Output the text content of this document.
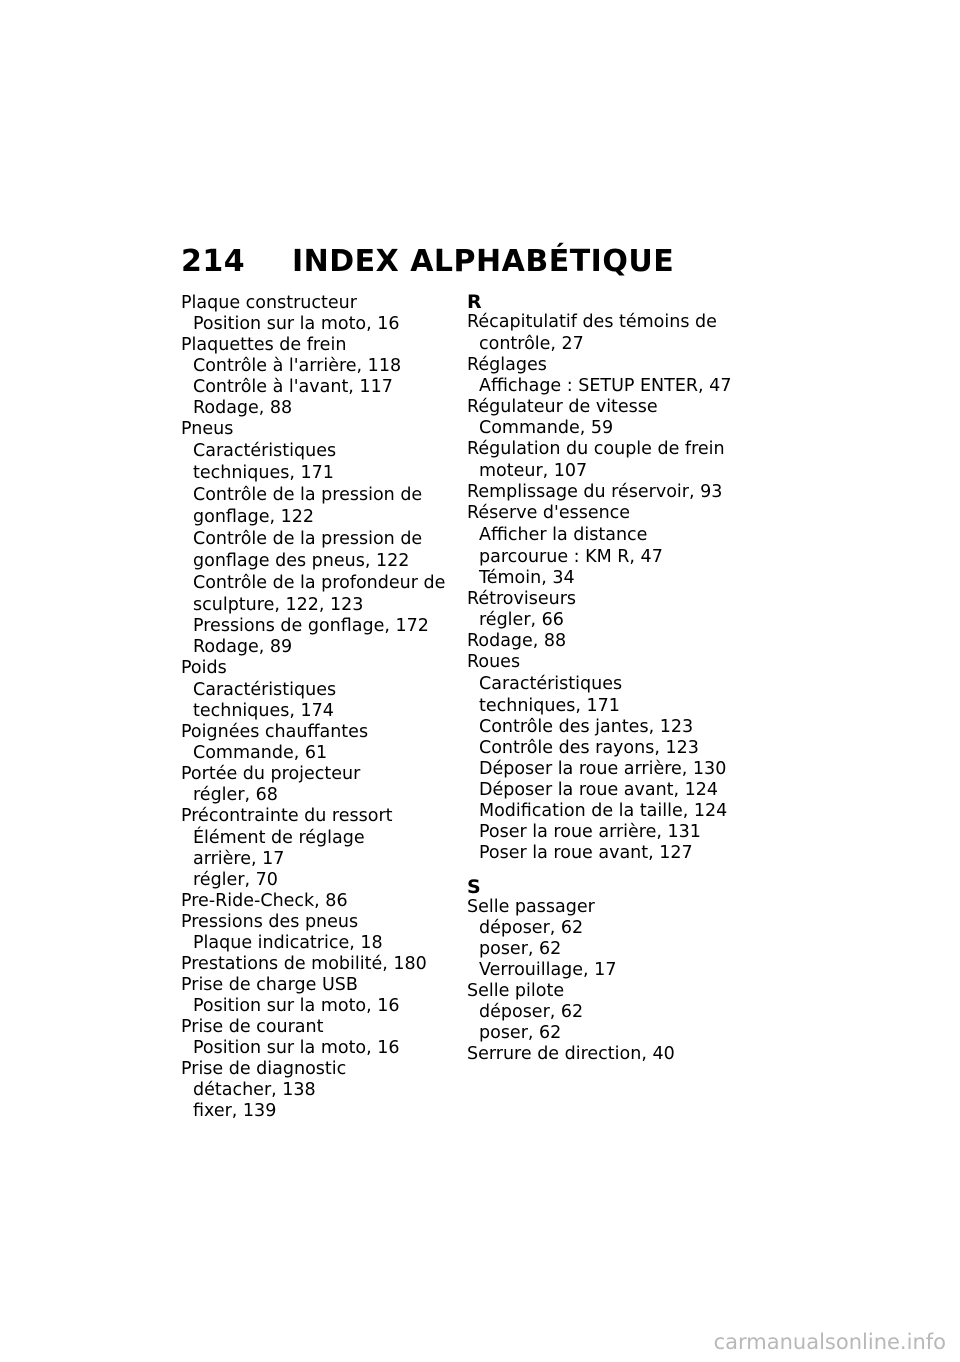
214 INDEX ALPHABÉTIQUE
Plaque constructeur
Position sur la moto, 16
Plaquettes de frein
Contrôle à l'arrière, 118
Contrôle à l'avant, 117
Rodage, 88
Pneus
Caractéristiques
techniques, 171
Contrôle de la pression de
gonflage, 122
Contrôle de la pression de
gonflage des pneus, 122
Contrôle de la profondeur de
sculpture, 122, 123
Pressions de gonflage, 172
Rodage, 89
Poids
Caractéristiques
techniques, 174
Poignées chauffantes
Commande, 61
Portée du projecteur
régler, 68
Précontrainte du ressort
Élément de réglage
arrière, 17
régler, 70
Pre-Ride-Check, 86
Pressions des pneus
Plaque indicatrice, 18
Prestations de mobilité, 180
Prise de charge USB
Position sur la moto, 16
Prise de courant
Position sur la moto, 16
Prise de diagnostic
détacher, 138
fixer, 139
R
Récapitulatif des témoins de
contrôle, 27
Réglages
Affichage : SETUP ENTER, 47
Régulateur de vitesse
Commande, 59
Régulation du couple de frein
moteur, 107
Remplissage du réservoir, 93
Réserve d'essence
Afficher la distance
parcourue : KM R, 47
Témoin, 34
Rétroviseurs
régler, 66
Rodage, 88
Roues
Caractéristiques
techniques, 171
Contrôle des jantes, 123
Contrôle des rayons, 123
Déposer la roue arrière, 130
Déposer la roue avant, 124
Modification de la taille, 124
Poser la roue arrière, 131
Poser la roue avant, 127
S
Selle passager
déposer, 62
poser, 62
Verrouillage, 17
Selle pilote
déposer, 62
poser, 62
Serrure de direction, 40
carmanualsonline.info
